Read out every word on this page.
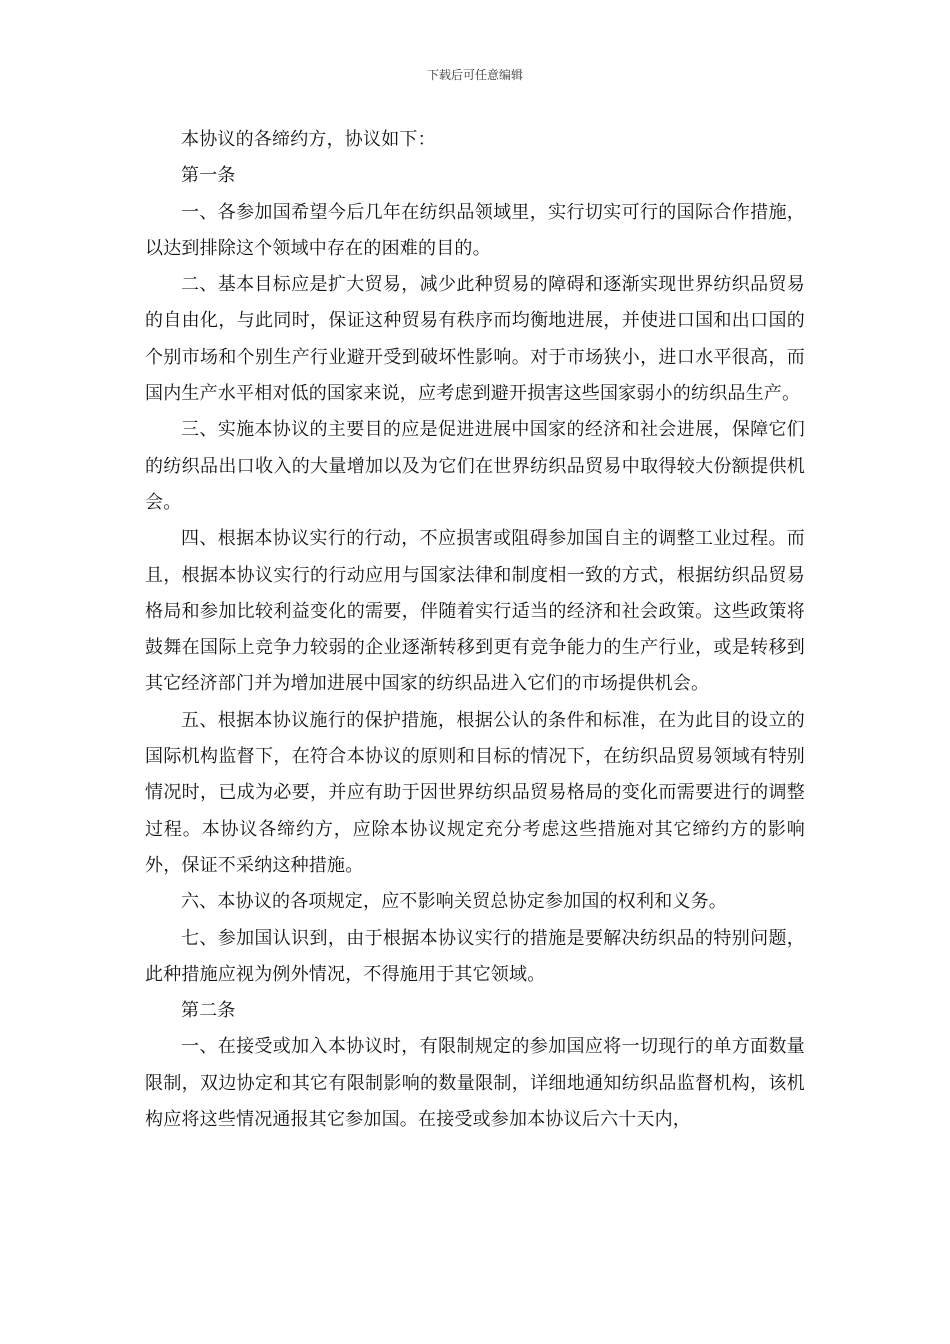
下载后可任意编辑

本协议的各缔约方，协议如下：

第一条

一、各参加国希望今后几年在纺织品领域里，实行切实可行的国际合作措施，以达到排除这个领域中存在的困难的目的。

二、基本目标应是扩大贸易，减少此种贸易的障碍和逐渐实现世界纺织品贸易的自由化，与此同时，保证这种贸易有秩序而均衡地进展，并使进口国和出口国的个别市场和个别生产行业避开受到破坏性影响。对于市场狭小，进口水平很高，而国内生产水平相对低的国家来说，应考虑到避开损害这些国家弱小的纺织品生产。

三、实施本协议的主要目的应是促进进展中国家的经济和社会进展，保障它们的纺织品出口收入的大量增加以及为它们在世界纺织品贸易中取得较大份额提供机会。

四、根据本协议实行的行动，不应损害或阻碍参加国自主的调整工业过程。而且，根据本协议实行的行动应用与国家法律和制度相一致的方式，根据纺织品贸易格局和参加比较利益变化的需要，伴随着实行适当的经济和社会政策。这些政策将鼓舞在国际上竞争力较弱的企业逐渐转移到更有竞争能力的生产行业，或是转移到其它经济部门并为增加进展中国家的纺织品进入它们的市场提供机会。

五、根据本协议施行的保护措施，根据公认的条件和标准，在为此目的设立的国际机构监督下，在符合本协议的原则和目标的情况下，在纺织品贸易领域有特别情况时，已成为必要，并应有助于因世界纺织品贸易格局的变化而需要进行的调整过程。本协议各缔约方，应除本协议规定充分考虑这些措施对其它缔约方的影响外，保证不采纳这种措施。

六、本协议的各项规定，应不影响关贸总协定参加国的权利和义务。

七、参加国认识到，由于根据本协议实行的措施是要解决纺织品的特别问题，此种措施应视为例外情况，不得施用于其它领域。

第二条

一、在接受或加入本协议时，有限制规定的参加国应将一切现行的单方面数量限制，双边协定和其它有限制影响的数量限制，详细地通知纺织品监督机构，该机构应将这些情况通报其它参加国。在接受或参加本协议后六十天内，
